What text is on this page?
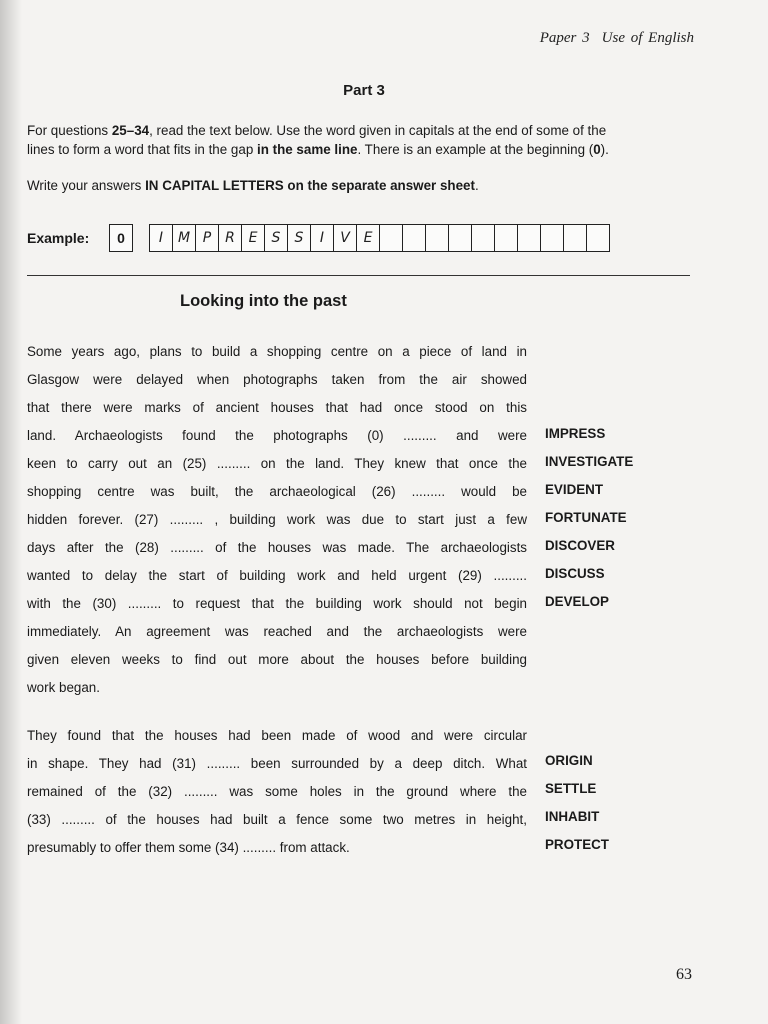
Paper 3 Use of English
Part 3

For questions 25–34, read the text below. Use the word given in capitals at the end of some of the
lines to form a word that fits in the gap in the same line. There is an example at the beginning (0).

Write your answers IN CAPITAL LETTERS on the separate answer sheet.

Example:	0	I	M P R E	S	S	I	V E
Looking into the past
Some years ago, plans to build a shopping centre on a piece of land in
Glasgow were delayed when photographs taken from the air showed
that there were marks of ancient houses that had once stood on this
land. Archaeologists found the photographs (0) ......... and were
keen to carry out an (25) ......... on the land. They knew that once the
shopping centre was built, the archaeological (26) ......... would be
hidden forever. (27) ......... , building work was due to start just a few
days after the (28) ......... of the houses was made. The archaeologists
wanted to delay the start of building work and held urgent (29) .........
with the (30) ......... to request that the building work should not begin
immediately. An agreement was reached and the archaeologists were
given eleven weeks to find out more about the houses before building
work began.
They found that the houses had been made of wood and were circular
in shape. They had (31) ......... been surrounded by a deep ditch. What
remained of the (32) ......... was some holes in the ground where the
(33) ......... of the houses had built a fence some two metres in height,
presumably to offer them some (34) ......... from attack.
IMPRESS
INVESTIGATE
EVIDENT
FORTUNATE
DISCOVER
DISCUSS
DEVELOP
ORIGIN
SETTLE
INHABIT
PROTECT
63
